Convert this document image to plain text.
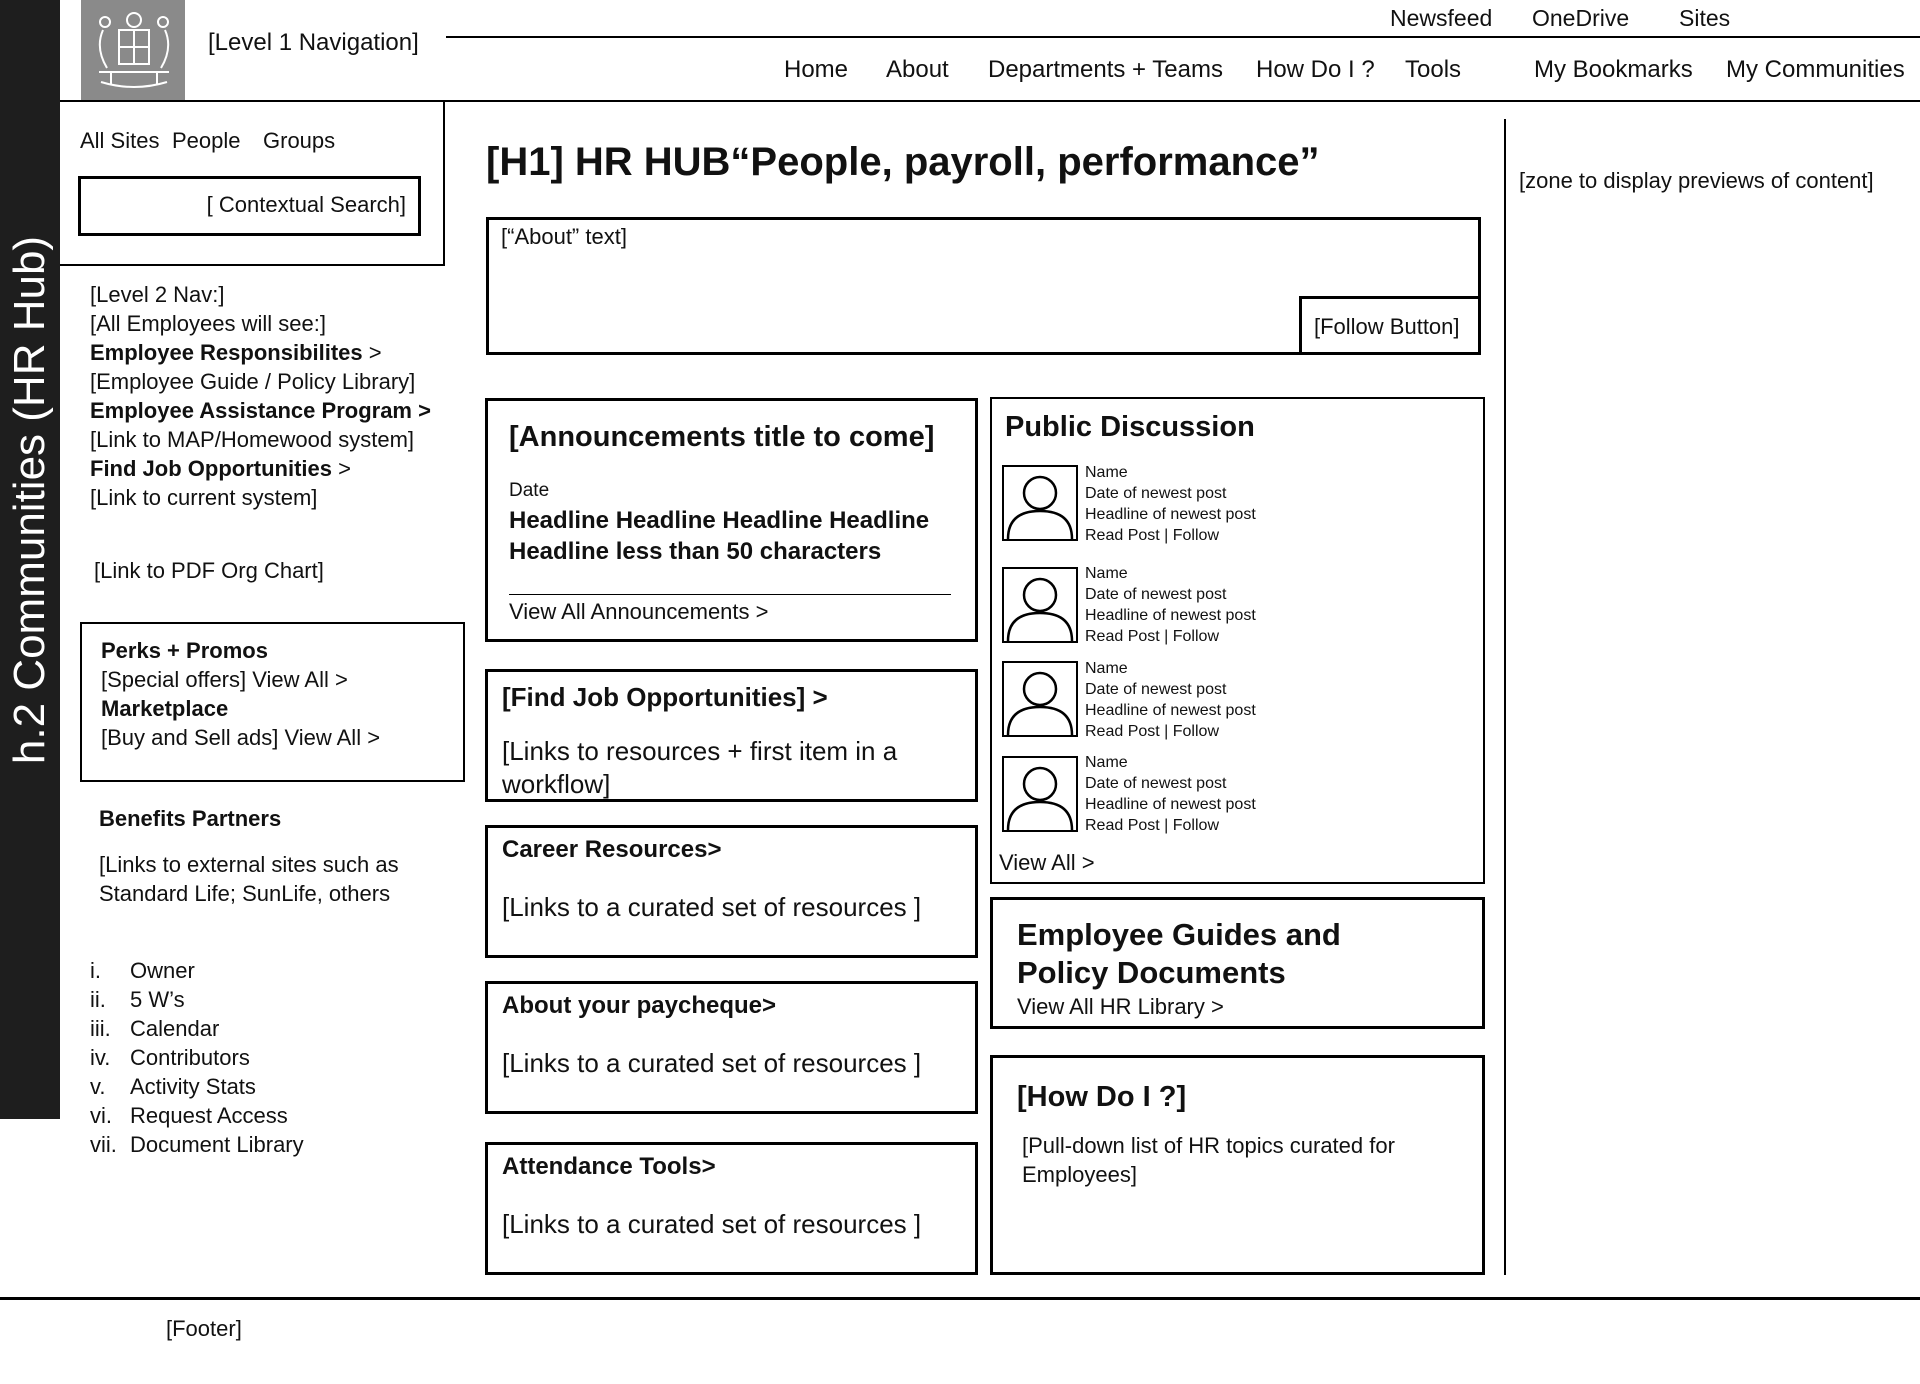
h.2 Communities (HR Hub)
[Level 1 Navigation]
Newsfeed OneDrive Sites
Home About Departments + Teams How Do I ? Tools	My Bookmarks My Communities
All Sites People Groups
[ Contextual Search]
[Level 2 Nav:]
[All Employees will see:]
Employee Responsibilites >
[Employee Guide / Policy Library]
Employee Assistance Program >
[Link to MAP/Homewood system]
Find Job Opportunities >
[Link to current system]
[Link to PDF Org Chart]
Perks + Promos
[Special offers] View All >
Marketplace
[Buy and Sell ads] View All >
Benefits Partners
[Links to external sites such as Standard Life; SunLife, others
i. Owner
ii. 5 W’s
iii. Calendar
iv. Contributors
v. Activity Stats
vi. Request Access
vii. Document Library
[H1] HR HUB“People, payroll, performance”
[“About” text]
[Follow Button]
[Announcements title to come]
Date
Headline Headline Headline Headline
Headline less than 50 characters
View All Announcements >
[Find Job Opportunities] >
[Links to resources + first item in a workflow]
Career Resources>
[Links to a curated set of resources ]
About your paycheque>
[Links to a curated set of resources ]
Attendance Tools>
[Links to a curated set of resources ]
Public Discussion
Name
Date of newest post
Headline of newest post
Read Post | Follow
Name
Date of newest post
Headline of newest post
Read Post | Follow
Name
Date of newest post
Headline of newest post
Read Post | Follow
Name
Date of newest post
Headline of newest post
Read Post | Follow
View All >
Employee Guides and
Policy Documents
View All HR Library >
[How Do I ?]
[Pull-down list of HR topics curated for Employees]
[zone to display previews of content]
[Footer]
